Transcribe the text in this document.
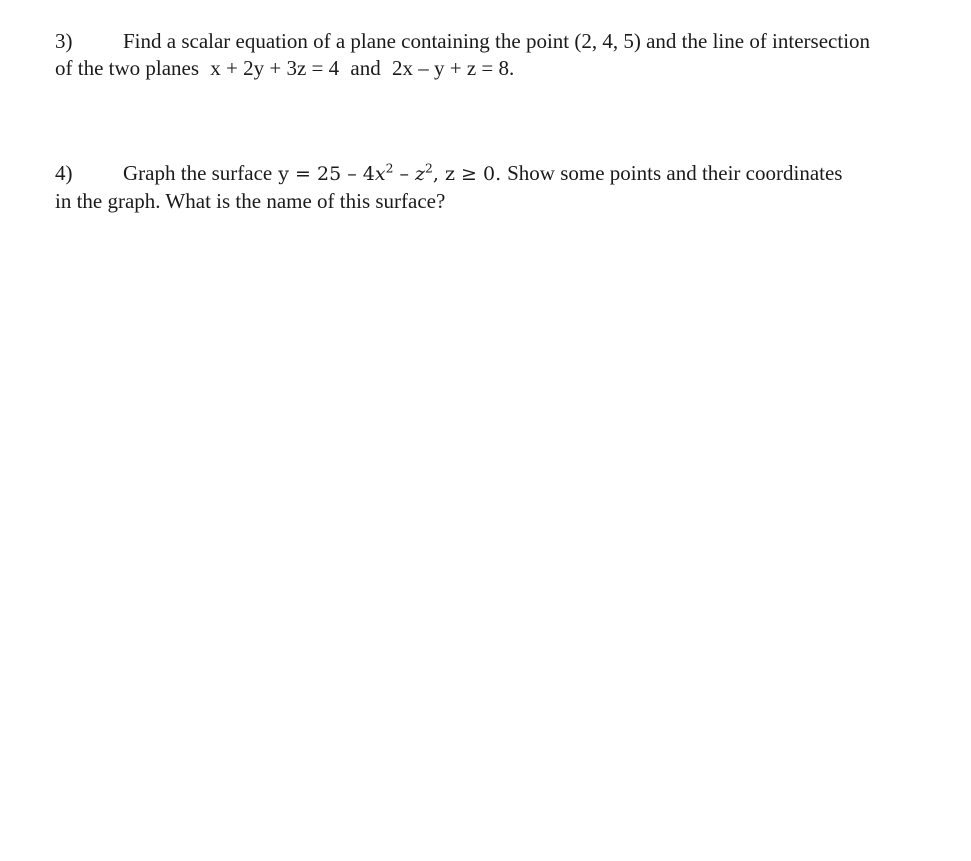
3) Find a scalar equation of a plane containing the point (2, 4, 5) and the line of intersection
of the two planes x + 2y + 3z = 4 and 2x – y + z = 8.
4) Graph the surface $y = 25 - 4x^2 - z^2$, z ≥ 0. Show some points and their coordinates
in the graph. What is the name of this surface?
